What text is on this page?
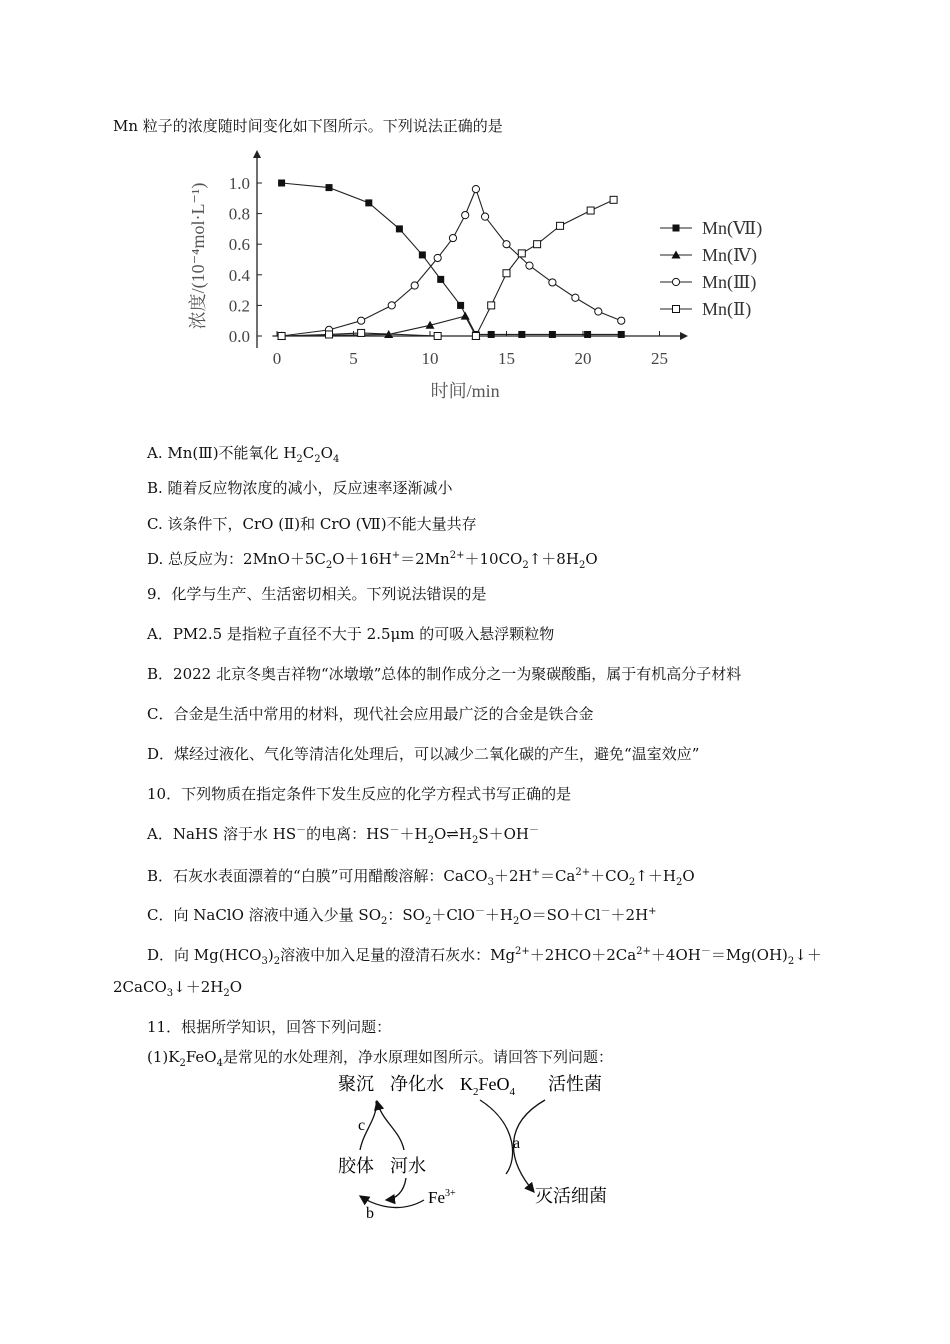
Mn 粒子的浓度随时间变化如下图所示。下列说法正确的是
0	5	10	15	20	25
0.0
0.2
0.4
0.6
0.8
1.0
时间/min
浓度/(10⁻⁴mol·L⁻¹)
A. Mn(Ⅲ)不能氧化 $H_2C_2O_4$
B. 随着反应物浓度的减小，反应速率逐渐减小
C. 该条件下，CrO (Ⅱ)和 CrO (Ⅶ)不能大量共存
D. 总反应为：$2MnO+5C_2O+16H^+=2Mn^{2+}+10CO_2↑+8H_2O$
9．化学与生产、生活密切相关。下列说法错误的是
A．PM2.5 是指粒子直径不大于 2.5μm 的可吸入悬浮颗粒物
B．2022 北京冬奥吉祥物“冰墩墩”总体的制作成分之一为聚碳酸酯，属于有机高分子材料
C．合金是生活中常用的材料，现代社会应用最广泛的合金是铁合金
D．煤经过液化、气化等清洁化处理后，可以减少二氧化碳的产生，避免“温室效应”
10．下列物质在指定条件下发生反应的化学方程式书写正确的是
A．NaHS 溶于水 HS－的电离：$HS^-+H_2O\rightleftharpoons H_2S+OH^-$
B．石灰水表面漂着的“白膜”可用醋酸溶解：$CaCO_3+2H^+=Ca^{2+}+CO_2↑+H_2O$
C．向 NaClO 溶液中通入少量 $SO_2$：$SO_2+ClO^-+H_2O=SO+Cl^-+2H^+$
D．向 $Mg(HCO_3)_2$溶液中加入足量的澄清石灰水：$Mg^{2+}+2HCO+2Ca^{2+}+4OH^-=Mg(OH)_2↓+$
$2CaCO_3↓+2H_2O$
11．根据所学知识，回答下列问题：
$(1)K_2FeO_4$是常见的水处理剂，净水原理如图所示。请回答下列问题：
聚沉 净化水 $K_2FeO_4$ 活性菌
c
a
胶体 河水
b
$Fe^{3+}$	灭活细菌
Mn(Ⅶ)
Mn(Ⅳ)
Mn(Ⅲ)
Mn(Ⅱ)
